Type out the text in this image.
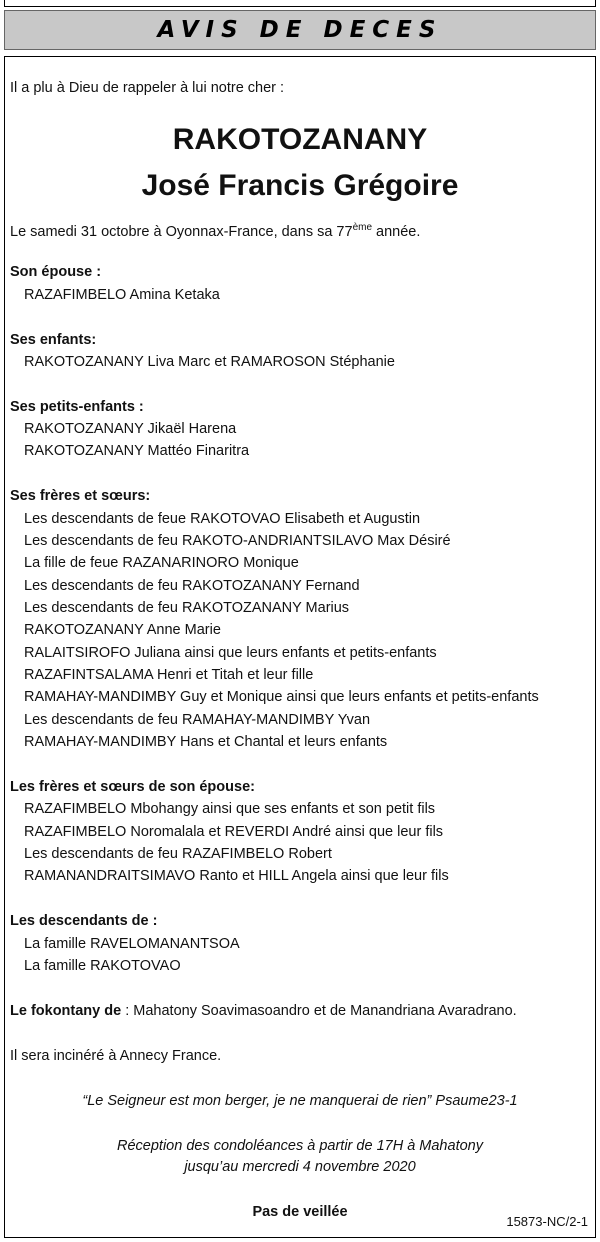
AVIS DE DECES
Il a plu à Dieu de rappeler à lui notre cher :
RAKOTOZANANY
José Francis Grégoire
Le samedi 31 octobre à Oyonnax-France, dans sa 77ème année.
Son épouse :
RAZAFIMBELO Amina Ketaka
Ses enfants:
RAKOTOZANANY Liva Marc et RAMAROSON Stéphanie
Ses petits-enfants :
RAKOTOZANANY Jikaël Harena
RAKOTOZANANY Mattéo Finaritra
Ses frères et sœurs:
Les descendants de feue RAKOTOVAO Elisabeth et Augustin
Les descendants de feu RAKOTO-ANDRIANTSILAVO Max Désiré
La fille de feue RAZANARINORO Monique
Les descendants de feu RAKOTOZANANY Fernand
Les descendants de feu RAKOTOZANANY Marius
RAKOTOZANANY Anne Marie
RALAITSIROFO Juliana ainsi que leurs enfants et petits-enfants
RAZAFINTSALAMA Henri et Titah et leur fille
RAMAHAY-MANDIMBY Guy et Monique ainsi que leurs enfants et petits-enfants
Les descendants de feu RAMAHAY-MANDIMBY Yvan
RAMAHAY-MANDIMBY Hans et Chantal et leurs enfants
Les frères et sœurs de son épouse:
RAZAFIMBELO Mbohangy ainsi que ses enfants et son petit fils
RAZAFIMBELO Noromalala et REVERDI André ainsi que leur fils
Les descendants de feu RAZAFIMBELO Robert
RAMANANDRAITSIMAVO Ranto et HILL Angela ainsi que leur fils
Les descendants de :
La famille RAVELOMANANTSOA
La famille RAKOTOVAO
Le fokontany de : Mahatony Soavimasoandro et de Manandriana Avaradrano.
Il sera incinéré à Annecy France.
“Le Seigneur est mon berger, je ne manquerai de rien” Psaume23-1
Réception des condoléances à partir de 17H à Mahatony
jusqu’au mercredi 4 novembre 2020
Pas de veillée
15873-NC/2-1
